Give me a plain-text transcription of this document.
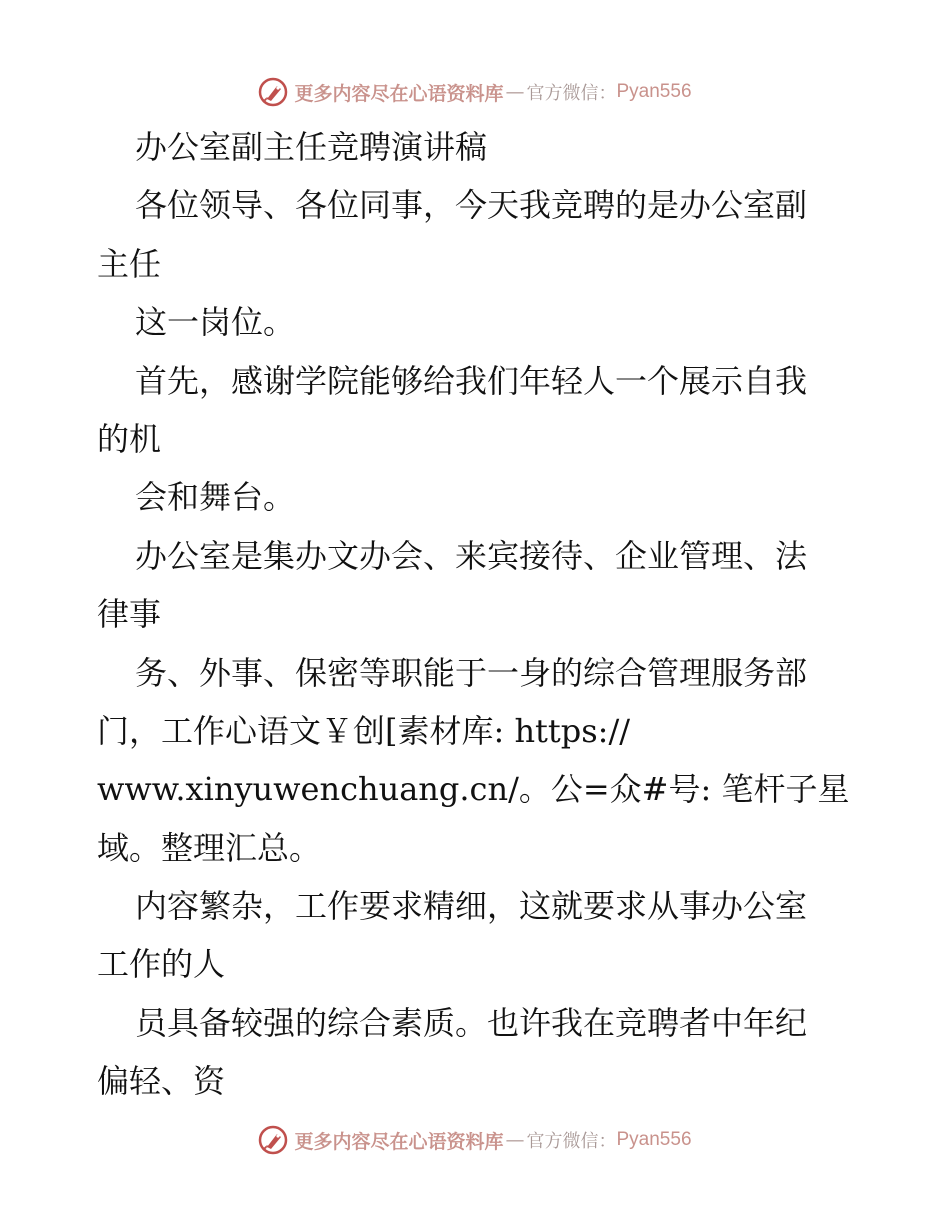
更多内容尽在心语资料库 — 官方微信： Pyan556
办公室副主任竞聘演讲稿
各位领导、各位同事，今天我竞聘的是办公室副
主任
这一岗位。
首先，感谢学院能够给我们年轻人一个展示自我
的机
会和舞台。
办公室是集办文办会、来宾接待、企业管理、法
律事
务、外事、保密等职能于一身的综合管理服务部
门，工作心语文￥创[素材库: https://
www.xinyuwenchuang.cn/。公=众#号: 笔杆子星
域。整理汇总。
内容繁杂，工作要求精细，这就要求从事办公室
工作的人
员具备较强的综合素质。也许我在竞聘者中年纪
偏轻、资
更多内容尽在心语资料库 — 官方微信： Pyan556
